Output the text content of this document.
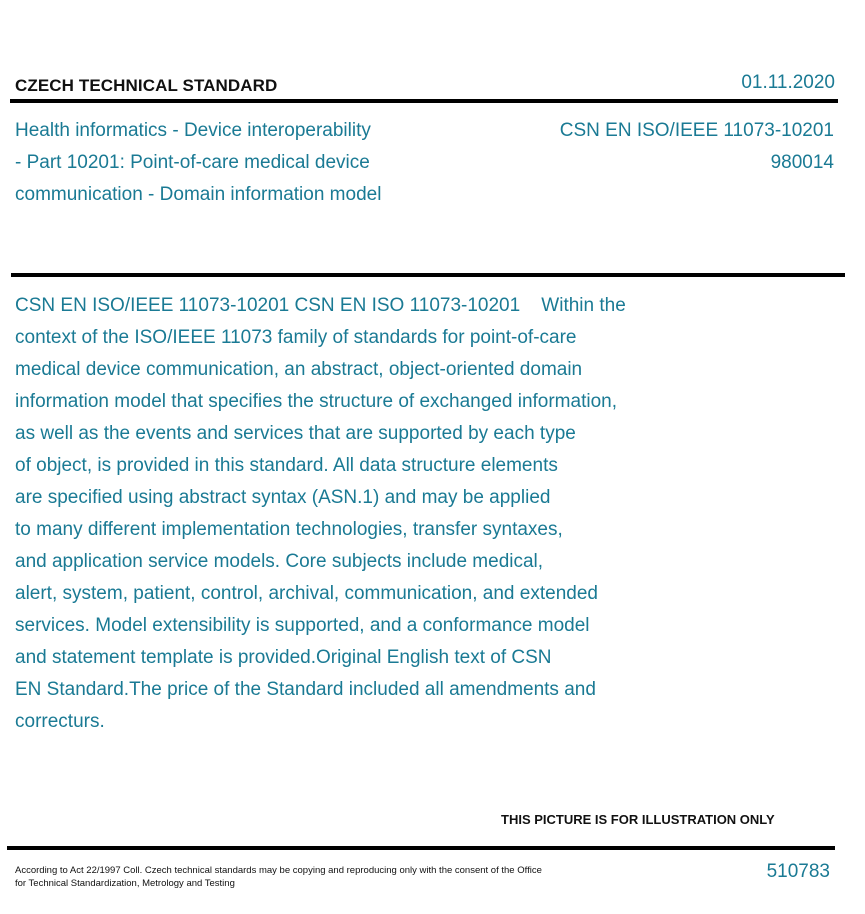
CZECH TECHNICAL STANDARD	01.11.2020
Health informatics - Device interoperability
- Part 10201: Point-of-care medical device
communication - Domain information model
CSN EN ISO/IEEE 11073-10201
980014
CSN EN ISO/IEEE 11073-10201 CSN EN ISO 11073-10201    Within the
context of the ISO/IEEE 11073 family of standards for point-of-care
medical device communication, an abstract, object-oriented domain
information model that specifies the structure of exchanged information,
as well as the events and services that are supported by each type
of object, is provided in this standard. All data structure elements
are specified using abstract syntax (ASN.1) and may be applied
to many different implementation technologies, transfer syntaxes,
and application service models. Core subjects include medical,
alert, system, patient, control, archival, communication, and extended
services. Model extensibility is supported, and a conformance model
and statement template is provided.Original English text of CSN
EN Standard.The price of the Standard included all amendments and
correcturs.
THIS PICTURE IS FOR ILLUSTRATION ONLY
According to Act 22/1997 Coll. Czech technical standards may be copying and reproducing only with the consent of the Office
for Technical Standardization, Metrology and Testing
510783
